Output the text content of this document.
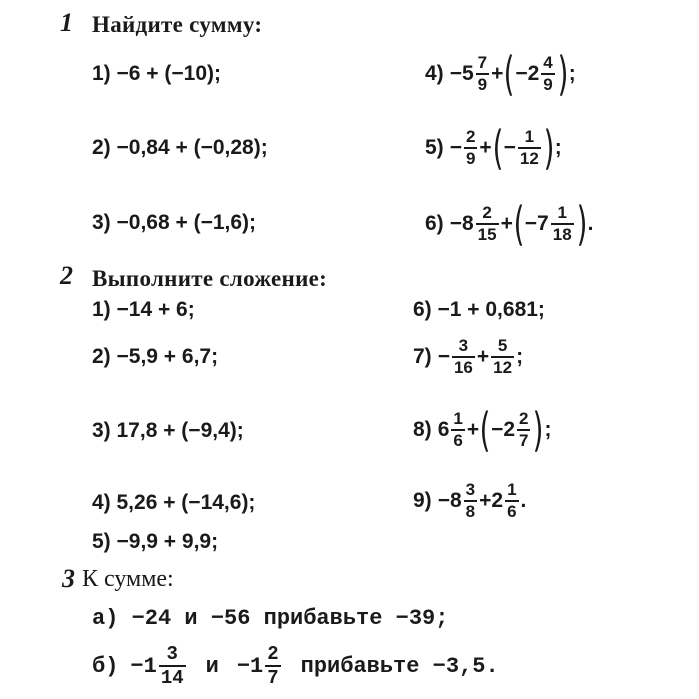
1 Найдите сумму:
1) −6 + (−10);
2) −0,84 + (−0,28);
3) −0,68 + (−1,6);
$4) -5 \frac{7}{9}$ + ( $-2 \frac{4}{9}$ ) ;
$5) - \frac{2}{9}$ + ( − $\frac{1}{12}$ ) ;
$6) -8 \frac{2}{15}$ + ( $-7 \frac{1}{18}$ ) .
2 Выполните сложение:
1) −14 + 6;
2) −5,9 + 6,7;
3) 17,8 + (−9,4);
4) 5,26 + (−14,6);
5) −9,9 + 9,9;
6) −1 + 0,681;
$7) - \frac{3}{16} + \frac{5}{12}$ ;
8) $6 \frac{1}{6}$ + ( $-2 \frac{2}{7}$ ) ;
$9) -8 \frac{3}{8} + 2 \frac{1}{6}$ .
3 К сумме:
а) −24 и −56 прибавьте −39;
$б) -1 \frac{3}{14}$ $и -1 \frac{2}{7}$ прибавьте −3,5.
